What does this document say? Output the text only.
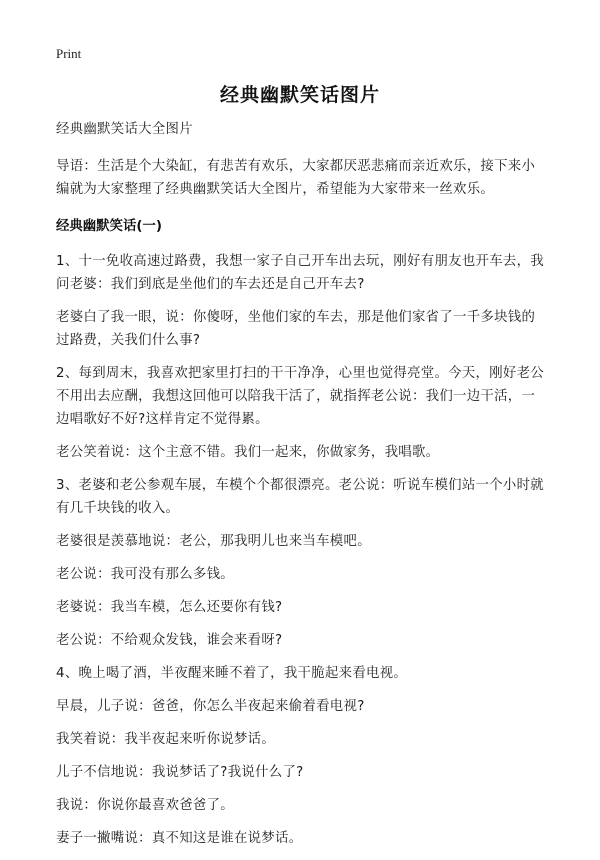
Print
经典幽默笑话图片

经典幽默笑话大全图片

导语：生活是个大染缸，有悲苦有欢乐，大家都厌恶悲痛而亲近欢乐，接下来小编就为大家整理了经典幽默笑话大全图片，希望能为大家带来一丝欢乐。

经典幽默笑话(一)

1、十一免收高速过路费，我想一家子自己开车出去玩，刚好有朋友也开车去，我问老婆：我们到底是坐他们的车去还是自己开车去?

老婆白了我一眼，说：你傻呀，坐他们家的车去，那是他们家省了一千多块钱的过路费，关我们什么事?

2、每到周末，我喜欢把家里打扫的干干净净，心里也觉得亮堂。今天，刚好老公不用出去应酬，我想这回他可以陪我干活了，就指挥老公说：我们一边干活，一边唱歌好不好?这样肯定不觉得累。

老公笑着说：这个主意不错。我们一起来，你做家务，我唱歌。

3、老婆和老公参观车展，车模个个都很漂亮。老公说：听说车模们站一个小时就有几千块钱的收入。

老婆很是羡慕地说：老公，那我明儿也来当车模吧。

老公说：我可没有那么多钱。

老婆说：我当车模，怎么还要你有钱?

老公说：不给观众发钱，谁会来看呀?

4、晚上喝了酒，半夜醒来睡不着了，我干脆起来看电视。

早晨，儿子说：爸爸，你怎么半夜起来偷着看电视?

我笑着说：我半夜起来听你说梦话。

儿子不信地说：我说梦话了?我说什么了?

我说：你说你最喜欢爸爸了。

妻子一撇嘴说：真不知这是谁在说梦话。
